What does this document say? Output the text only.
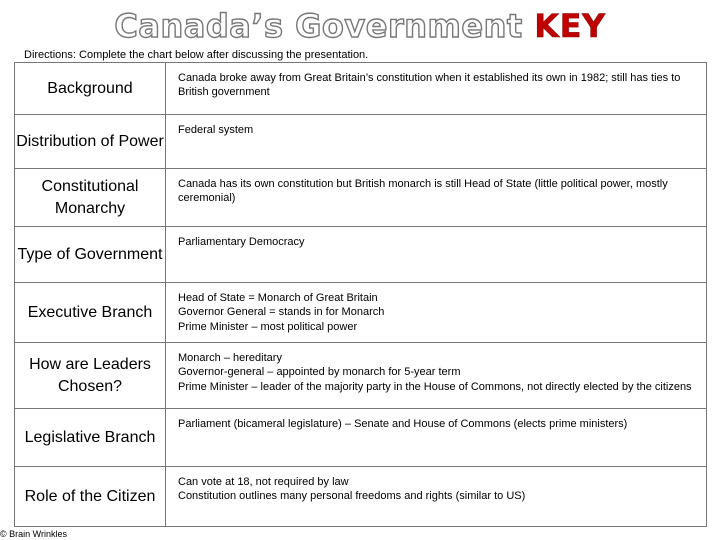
Canada’s Government KEY
Directions: Complete the chart below after discussing the presentation.
Background	Canada broke away from Great Britain’s constitution when it established its own in 1982; still has ties to British government

Distribution of Power	Federal system

Constitutional Monarchy	Canada has its own constitution but British monarch is still Head of State (little political power, mostly ceremonial)

Type of Government	Parliamentary Democracy

Executive Branch	Head of State = Monarch of Great Britain
Governor General = stands in for Monarch
Prime Minister – most political power

How are Leaders Chosen?	Monarch – hereditary
Governor-general – appointed by monarch for 5-year term
Prime Minister – leader of the majority party in the House of Commons, not directly elected by the citizens

Legislative Branch	Parliament (bicameral legislature) – Senate and House of Commons (elects prime ministers)

Role of the Citizen	Can vote at 18, not required by law
Constitution outlines many personal freedoms and rights (similar to US)
© Brain Wrinkles
